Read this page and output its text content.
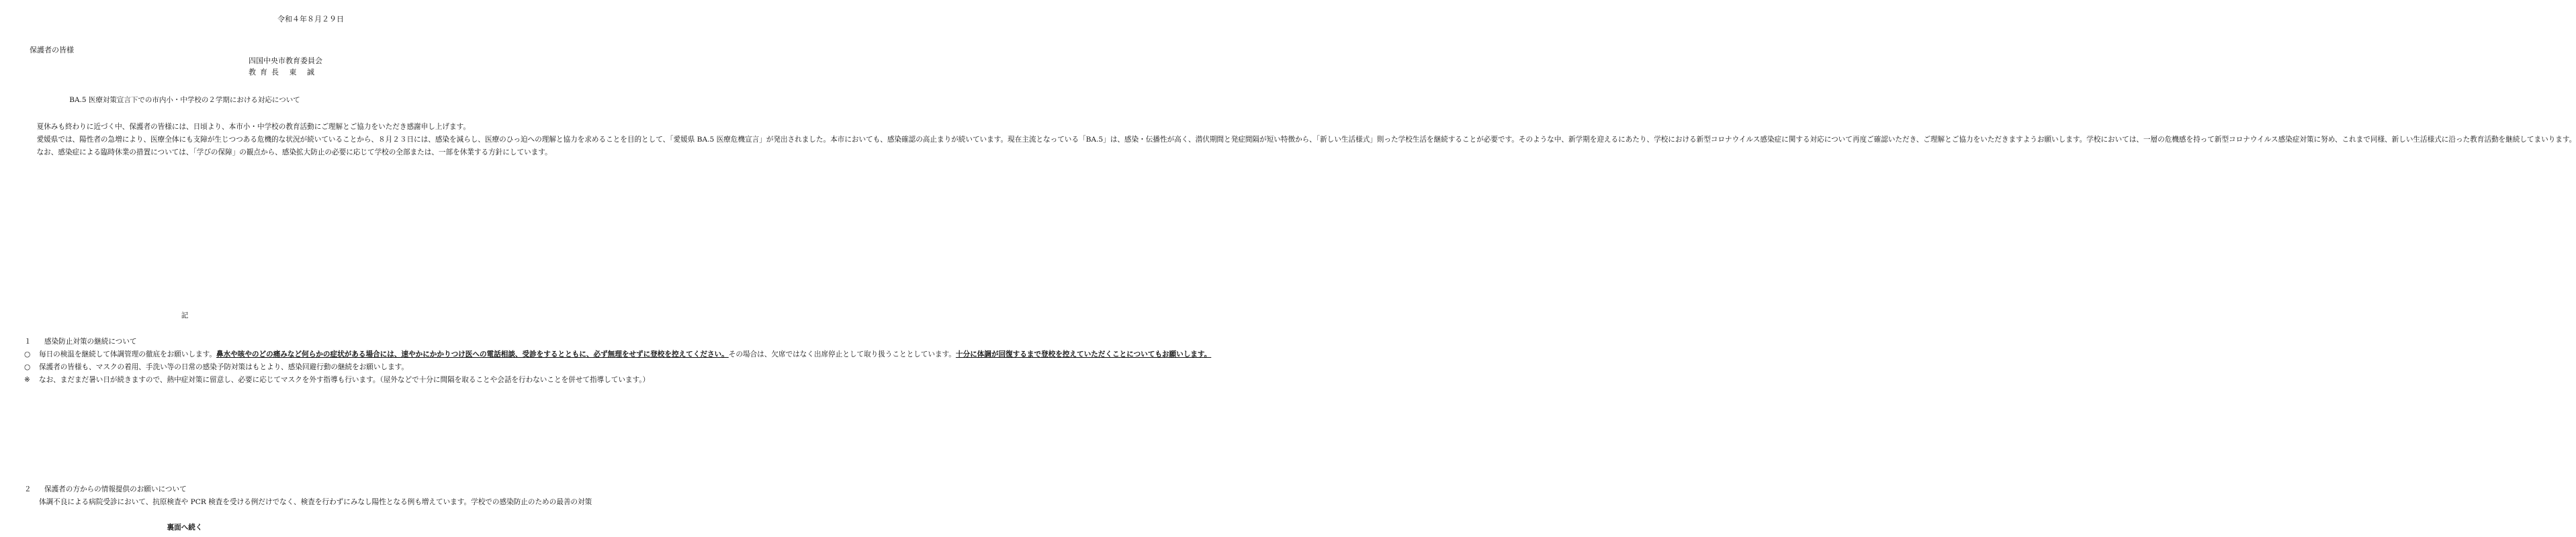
令和４年８月２９日
保護者の皆様
四国中央市教育委員会
教育長 東 誠
BA.5 医療対策宣言下での市内小・中学校の２学期における対応について

夏休みも終わりに近づく中、保護者の皆様には、日頃より、本市小・中学校の教育活動にご理解とご協力をいただき感謝申し上げます。

愛媛県では、陽性者の急増により、医療全体にも支障が生じつつある危機的な状況が続いていることから、８月２３日には、感染を減らし、医療のひっ迫への理解と協力を求めることを目的として、「愛媛県 BA.5 医療危機宣言」が発出されました。本市においても、感染確認の高止まりが続いています。現在主流となっている「BA.5」は、感染・伝播性が高く、潜伏期間と発症間隔が短い特徴から、「新しい生活様式」則った学校生活を継続することが必要です。そのような中、新学期を迎えるにあたり、学校における新型コロナウイルス感染症に関する対応について再度ご確認いただき、ご理解とご協力をいただきますようお願いします。学校においては、一層の危機感を持って新型コロナウイルス感染症対策に努め、これまで同様、新しい生活様式に沿った教育活動を継続してまいります。

なお、感染症による臨時休業の措置については、「学びの保障」の観点から、感染拡大防止の必要に応じて学校の全部または、一部を休業する方針にしています。

記
１ 感染防止対策の継続について
○	毎日の検温を継続して体調管理の徹底をお願いします。鼻水や咳やのどの痛みなど何らかの症状がある場合には、速やかにかかりつけ医への電話相談、受診をするとともに、必ず無理をせずに登校を控えてください。その場合は、欠席ではなく出席停止として取り扱うこととしています。十分に体調が回復するまで登校を控えていただくことについてもお願いします。
○	保護者の皆様も、マスクの着用、手洗い等の日常の感染予防対策はもとより、感染回避行動の継続をお願いします。
※	なお、まだまだ暑い日が続きますので、熱中症対策に留意し、必要に応じてマスクを外す指導も行います。（屋外などで十分に間隔を取ることや会話を行わないことを併せて指導しています。）
２ 保護者の方からの情報提供のお願いについて
体調不良による病院受診において、抗原検査や PCR 検査を受ける例だけでなく、検査を行わずにみなし陽性となる例も増えています。学校での感染防止のための最善の対策
裏面へ続く
